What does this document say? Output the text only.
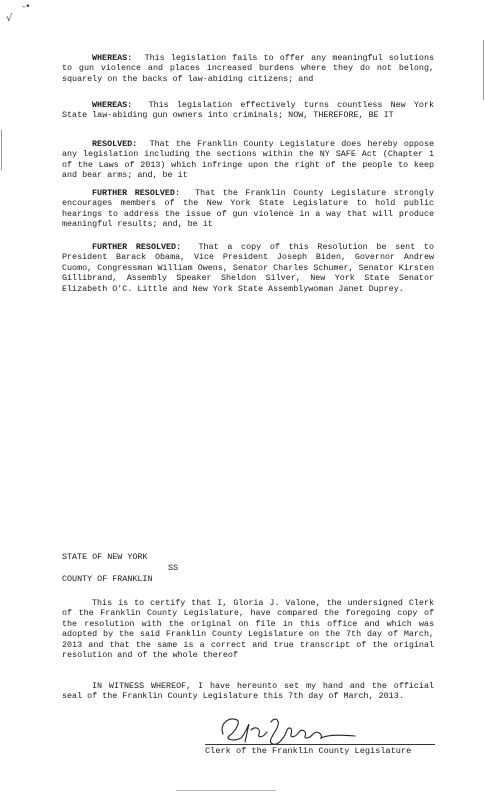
√
-•

WHEREAS: This legislation fails to offer any meaningful solutions to gun violence and places increased burdens where they do not belong, squarely on the backs of law-abiding citizens; and

WHEREAS: This legislation effectively turns countless New York State law-abiding gun owners into criminals; NOW, THEREFORE, BE IT

RESOLVED: That the Franklin County Legislature does hereby oppose any legislation including the sections within the NY SAFE Act (Chapter 1 of the Laws of 2013) which infringe upon the right of the people to keep and bear arms; and, be it

FURTHER RESOLVED: That the Franklin County Legislature strongly encourages members of the New York State Legislature to hold public hearings to address the issue of gun violence in a way that will produce meaningful results; and, be it

FURTHER RESOLVED: That a copy of this Resolution be sent to President Barack Obama, Vice President Joseph Biden, Governor Andrew Cuomo, Congressman William Owens, Senator Charles Schumer, Senator Kirsten Gillibrand, Assembly Speaker Sheldon Silver, New York State Senator Elizabeth O'C. Little and New York State Assemblywoman Janet Duprey.

STATE OF NEW YORK

SS

COUNTY OF FRANKLIN

This is to certify that I, Gloria J. Valone, the undersigned Clerk of the Franklin County Legislature, have compared the foregoing copy of the resolution with the original on file in this office and which was adopted by the said Franklin County Legislature on the 7th day of March, 2013 and that the same is a correct and true transcript of the original resolution and of the whole thereof

IN WITNESS WHEREOF, I have hereunto set my hand and the official seal of the Franklin County Legislature this 7th day of March, 2013.

Clerk of the Franklin County Legislature
